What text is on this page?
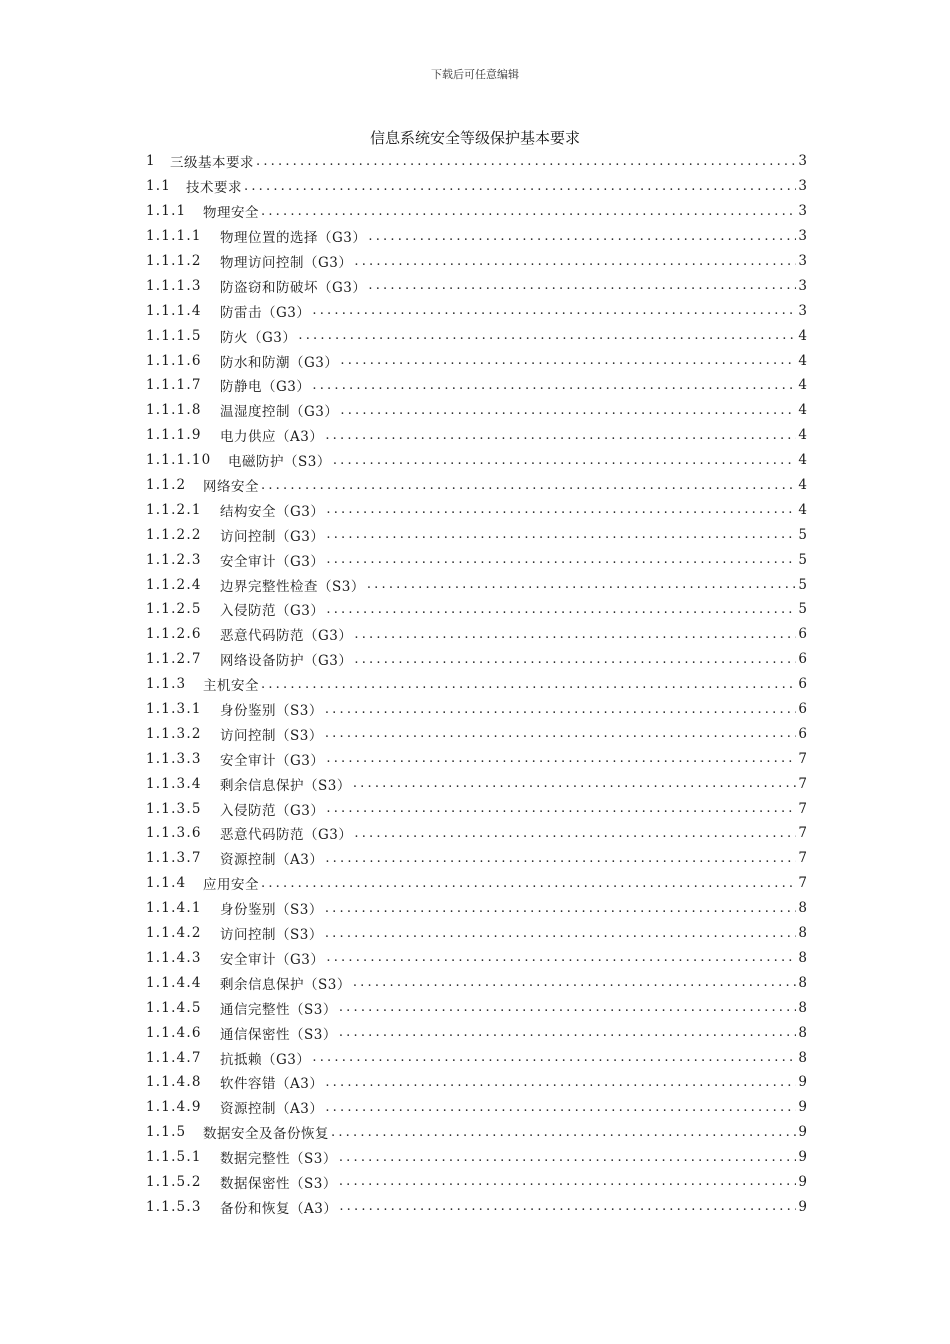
下载后可任意编辑
信息系统安全等级保护基本要求
1	三级基本要求 .....	3
1.1	技术要求 .....	3
1.1.1	物理安全 .....	3
1.1.1.1	物理位置的选择（G3） .....	3
1.1.1.2	物理访问控制（G3） .....	3
1.1.1.3	防盗窃和防破坏（G3） .....	3
1.1.1.4	防雷击（G3） .....	3
1.1.1.5	防火（G3） .....	4
1.1.1.6	防水和防潮（G3） .....	4
1.1.1.7	防静电（G3） .....	4
1.1.1.8	温湿度控制（G3） .....	4
1.1.1.9	电力供应（A3） .....	4
1.1.1.10	电磁防护（S3） .....	4
1.1.2	网络安全 .....	4
1.1.2.1	结构安全（G3） .....	4
1.1.2.2	访问控制（G3） .....	5
1.1.2.3	安全审计（G3） .....	5
1.1.2.4	边界完整性检查（S3） .....	5
1.1.2.5	入侵防范（G3） .....	5
1.1.2.6	恶意代码防范（G3） .....	6
1.1.2.7	网络设备防护（G3） .....	6
1.1.3	主机安全 .....	6
1.1.3.1	身份鉴别（S3） .....	6
1.1.3.2	访问控制（S3） .....	6
1.1.3.3	安全审计（G3） .....	7
1.1.3.4	剩余信息保护（S3） .....	7
1.1.3.5	入侵防范（G3） .....	7
1.1.3.6	恶意代码防范（G3） .....	7
1.1.3.7	资源控制（A3） .....	7
1.1.4	应用安全 .....	7
1.1.4.1	身份鉴别（S3） .....	8
1.1.4.2	访问控制（S3） .....	8
1.1.4.3	安全审计（G3） .....	8
1.1.4.4	剩余信息保护（S3） .....	8
1.1.4.5	通信完整性（S3） .....	8
1.1.4.6	通信保密性（S3） .....	8
1.1.4.7	抗抵赖（G3） .....	8
1.1.4.8	软件容错（A3） .....	9
1.1.4.9	资源控制（A3） .....	9
1.1.5	数据安全及备份恢复 .....	9
1.1.5.1	数据完整性（S3） .....	9
1.1.5.2	数据保密性（S3） .....	9
1.1.5.3	备份和恢复（A3） .....	9
